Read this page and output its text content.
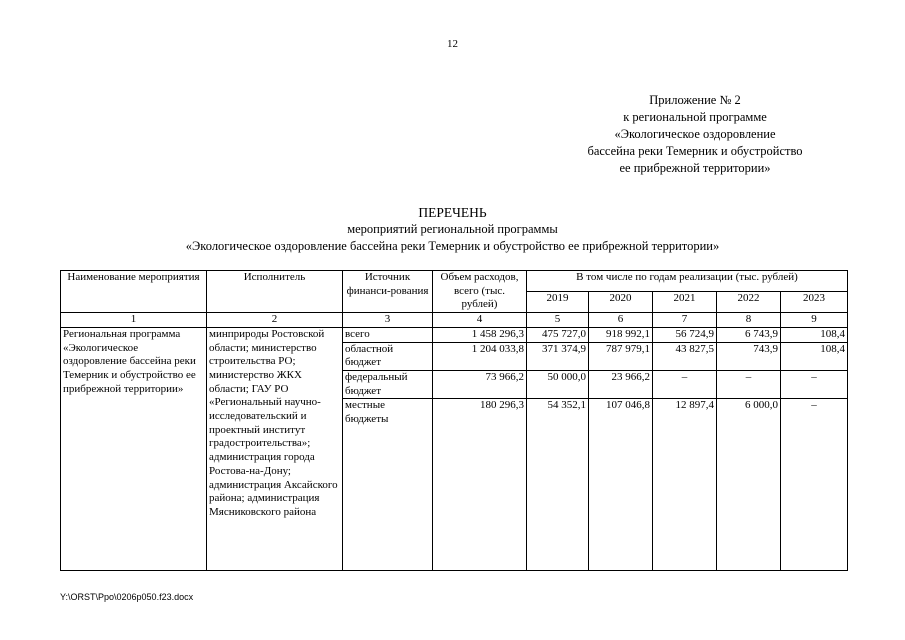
12
Приложение № 2
к региональной программе
«Экологическое оздоровление
бассейна реки Темерник и обустройство
ее прибрежной территории»
ПЕРЕЧЕНЬ
мероприятий региональной программы
«Экологическое оздоровление бассейна реки Темерник и обустройство ее прибрежной территории»
Наименование мероприятия	Исполнитель	Источник финанси-рования	Объем расходов, всего (тыс. рублей)	В том числе по годам реализации (тыс. рублей)				
				2019	2020	2021	2022	2023
1	2	3	4	5	6	7	8	9
Региональная программа «Экологическое оздоровление бассейна реки Темерник и обустройство ее прибрежной территории»	минприроды Ростовской области; министерство строительства РО; министерство ЖКХ области; ГАУ РО «Региональный научно-исследовательский и проектный институт градостроительства»; администрация города Ростова-на-Дону; администрация Аксайского района; администрация Мясниковского района	всего	1 458 296,3	475 727,0	918 992,1	56 724,9	6 743,9	108,4
		областной бюджет	1 204 033,8	371 374,9	787 979,1	43 827,5	743,9	108,4
		федеральный бюджет	73 966,2	50 000,0	23 966,2	–	–	–
		местные бюджеты	180 296,3	54 352,1	107 046,8	12 897,4	6 000,0	–
Y:\ORST\Ppo\0206p050.f23.docx
